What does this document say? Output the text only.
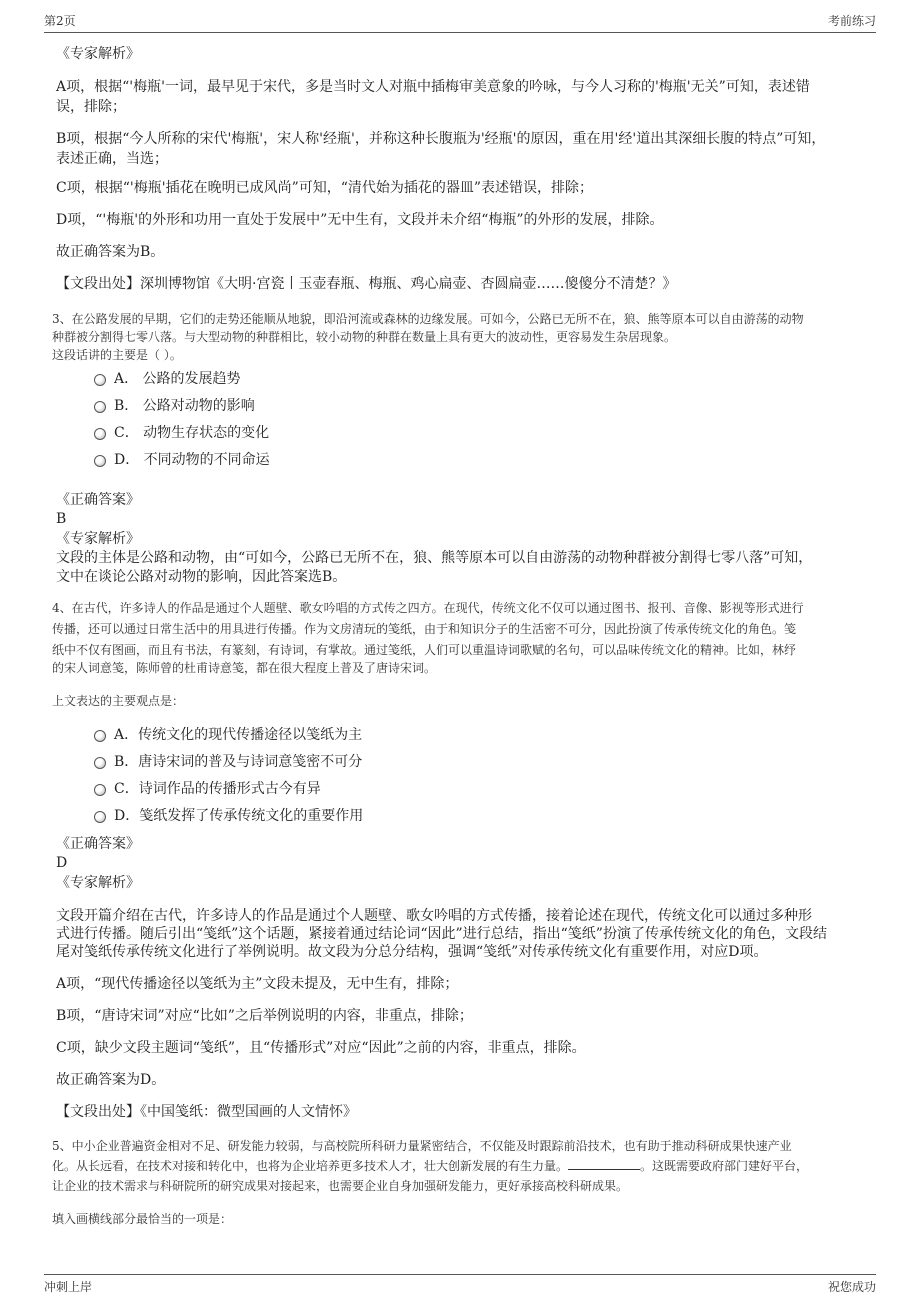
第2页	考前练习
《专家解析》
A项，根据“'梅瓶'一词，最早见于宋代，多是当时文人对瓶中插梅审美意象的吟咏，与今人习称的'梅瓶'无关”可知，表述错
误，排除；
B项，根据“今人所称的宋代'梅瓶'，宋人称'经瓶'，并称这种长腹瓶为'经瓶'的原因，重在用'经'道出其深细长腹的特点”可知，
表述正确，当选；
C项，根据“'梅瓶'插花在晚明已成风尚”可知，“清代始为插花的器皿”表述错误，排除；
D项，“'梅瓶'的外形和功用一直处于发展中”无中生有，文段并未介绍“梅瓶”的外形的发展，排除。
故正确答案为B。
【文段出处】深圳博物馆《大明·宫瓷丨玉壶春瓶、梅瓶、鸡心扁壶、杏圆扁壶……傻傻分不清楚？》
3、在公路发展的早期，它们的走势还能顺从地貌，即沿河流或森林的边缘发展。可如今，公路已无所不在，狼、熊等原本可以自由游荡的动物
种群被分割得七零八落。与大型动物的种群相比，较小动物的种群在数量上具有更大的波动性，更容易发生杂居现象。
这段话讲的主要是（ ）。
A． 公路的发展趋势
B． 公路对动物的影响
C． 动物生存状态的变化
D． 不同动物的不同命运
《正确答案》
B
《专家解析》
文段的主体是公路和动物，由“可如今，公路已无所不在，狼、熊等原本可以自由游荡的动物种群被分割得七零八落”可知，
文中在谈论公路对动物的影响，因此答案选B。
4、在古代，许多诗人的作品是通过个人题壁、歌女吟唱的方式传之四方。在现代，传统文化不仅可以通过图书、报刊、音像、影视等形式进行
传播，还可以通过日常生活中的用具进行传播。作为文房清玩的笺纸，由于和知识分子的生活密不可分，因此扮演了传承传统文化的角色。笺
纸中不仅有图画，而且有书法，有篆刻，有诗词，有掌故。通过笺纸，人们可以重温诗词歌赋的名句，可以品味传统文化的精神。比如，林纾
的宋人词意笺，陈师曾的杜甫诗意笺，都在很大程度上普及了唐诗宋词。
上文表达的主要观点是：
A．传统文化的现代传播途径以笺纸为主
B．唐诗宋词的普及与诗词意笺密不可分
C．诗词作品的传播形式古今有异
D．笺纸发挥了传承传统文化的重要作用
《正确答案》
D
《专家解析》
文段开篇介绍在古代，许多诗人的作品是通过个人题壁、歌女吟唱的方式传播，接着论述在现代，传统文化可以通过多种形
式进行传播。随后引出“笺纸”这个话题，紧接着通过结论词“因此”进行总结，指出“笺纸”扮演了传承传统文化的角色，文段结
尾对笺纸传承传统文化进行了举例说明。故文段为分总分结构，强调“笺纸”对传承传统文化有重要作用，对应D项。
A项，“现代传播途径以笺纸为主”文段未提及，无中生有，排除；
B项，“唐诗宋词”对应“比如”之后举例说明的内容，非重点，排除；
C项，缺少文段主题词“笺纸”，且“传播形式”对应“因此”之前的内容，非重点，排除。
故正确答案为D。
【文段出处】《中国笺纸：微型国画的人文情怀》
5、中小企业普遍资金相对不足、研发能力较弱，与高校院所科研力量紧密结合，不仅能及时跟踪前沿技术，也有助于推动科研成果快速产业
化。从长远看，在技术对接和转化中，也将为企业培养更多技术人才，壮大创新发展的有生力量。	。这既需要政府部门建好平台，
让企业的技术需求与科研院所的研究成果对接起来，也需要企业自身加强研发能力，更好承接高校科研成果。
填入画横线部分最恰当的一项是：
冲刺上岸	祝您成功
